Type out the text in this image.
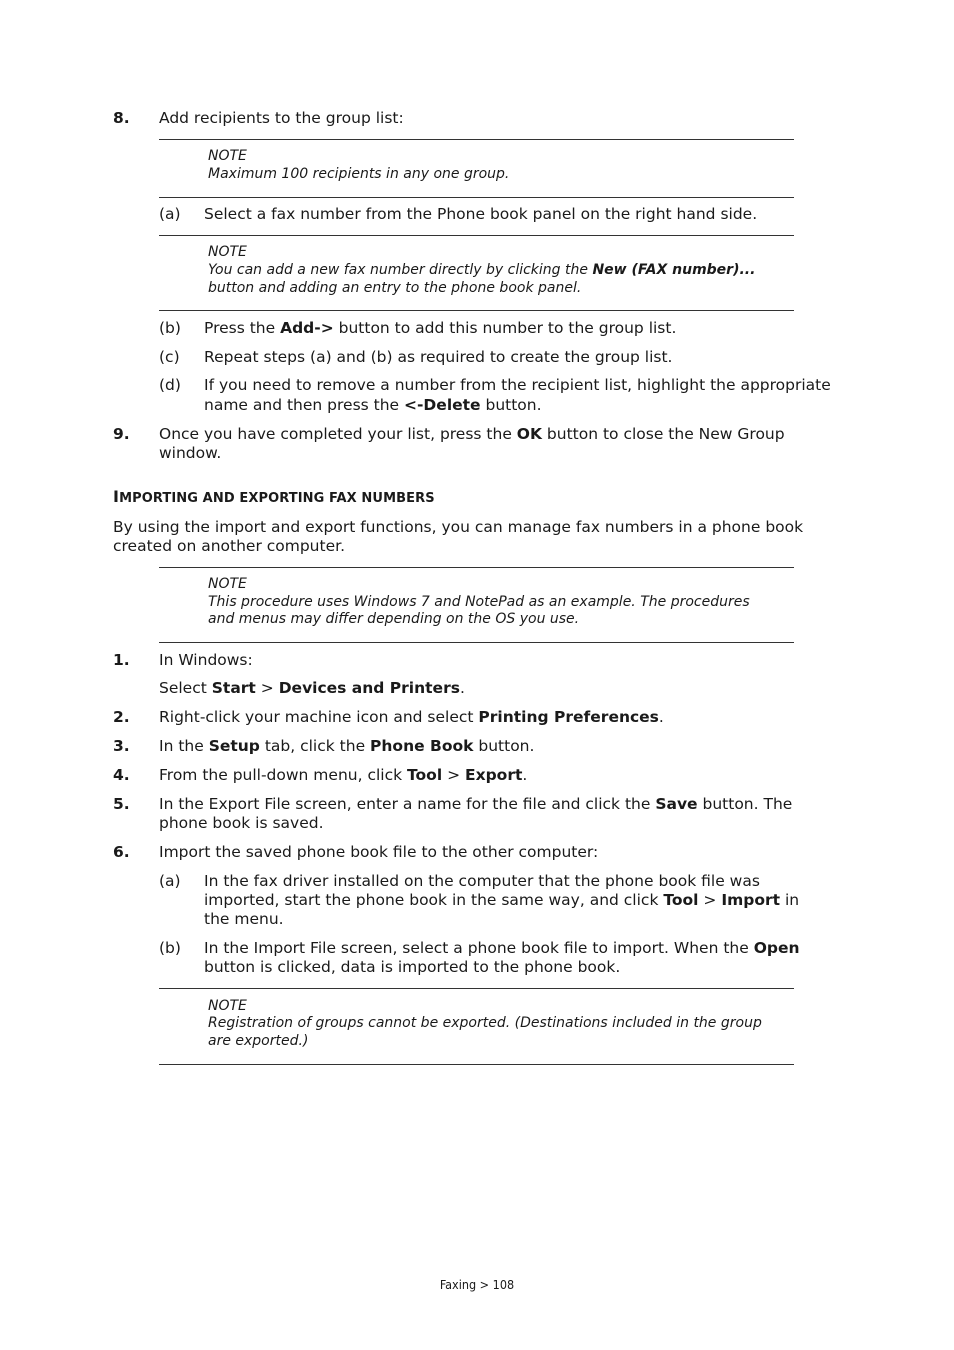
8. Add recipients to the group list:
NOTE
Maximum 100 recipients in any one group.
(a) Select a fax number from the Phone book panel on the right hand side.
NOTE
You can add a new fax number directly by clicking the New (FAX number)...
button and adding an entry to the phone book panel.
(b) Press the Add-> button to add this number to the group list.
(c) Repeat steps (a) and (b) as required to create the group list.
(d) If you need to remove a number from the recipient list, highlight the appropriate
name and then press the <-Delete button.
9. Once you have completed your list, press the OK button to close the New Group
window.
IMPORTING AND EXPORTING FAX NUMBERS
By using the import and export functions, you can manage fax numbers in a phone book
created on another computer.
NOTE
This procedure uses Windows 7 and NotePad as an example. The procedures
and menus may differ depending on the OS you use.
1. In Windows:
Select Start > Devices and Printers.
2. Right-click your machine icon and select Printing Preferences.
3. In the Setup tab, click the Phone Book button.
4. From the pull-down menu, click Tool > Export.
5. In the Export File screen, enter a name for the file and click the Save button. The
phone book is saved.
6. Import the saved phone book file to the other computer:
(a) In the fax driver installed on the computer that the phone book file was
imported, start the phone book in the same way, and click Tool > Import in
the menu.
(b) In the Import File screen, select a phone book file to import. When the Open
button is clicked, data is imported to the phone book.
NOTE
Registration of groups cannot be exported. (Destinations included in the group
are exported.)
Faxing > 108
